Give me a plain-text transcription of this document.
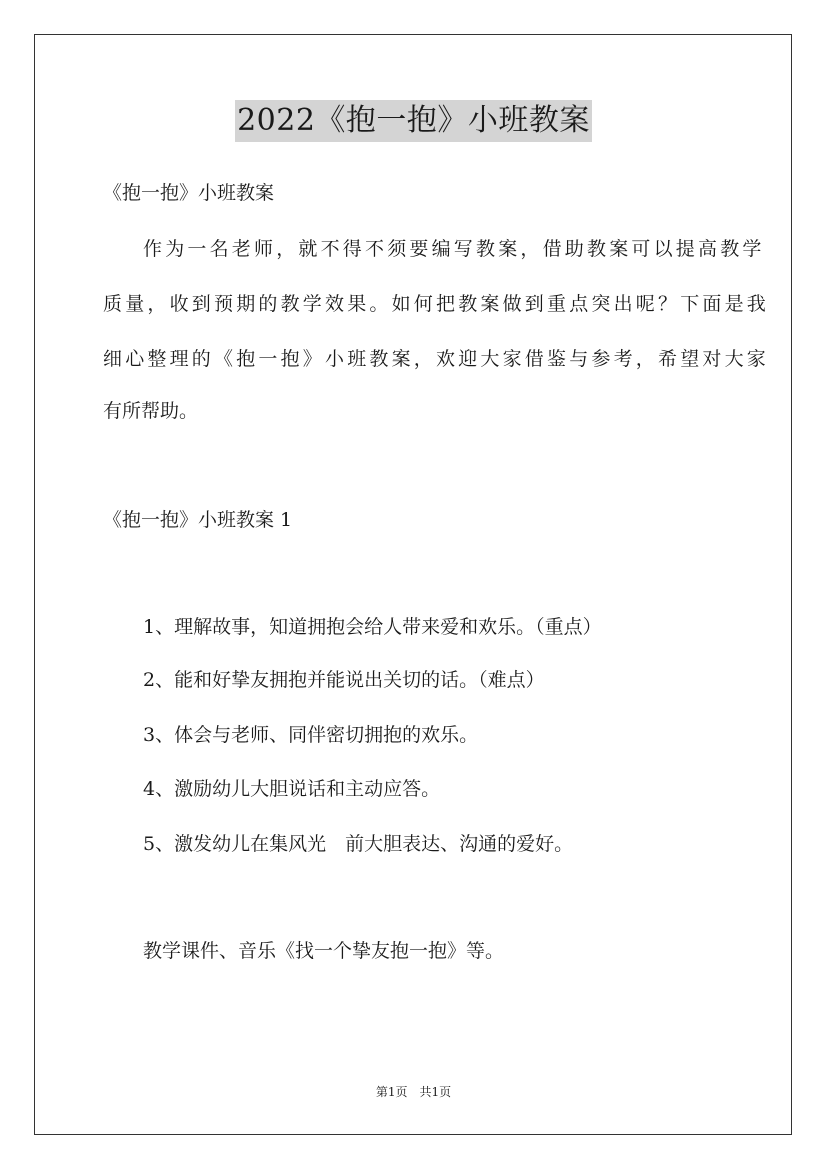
2022《抱一抱》小班教案
《抱一抱》小班教案
作为一名老师，就不得不须要编写教案，借助教案可以提高教学
质量，收到预期的教学效果。如何把教案做到重点突出呢？下面是我
细心整理的《抱一抱》小班教案，欢迎大家借鉴与参考，希望对大家
有所帮助。
《抱一抱》小班教案 1
1、理解故事，知道拥抱会给人带来爱和欢乐。（重点）
2、能和好挚友拥抱并能说出关切的话。（难点）
3、体会与老师、同伴密切拥抱的欢乐。
4、激励幼儿大胆说话和主动应答。
5、激发幼儿在集风光　前大胆表达、沟通的爱好。
教学课件、音乐《找一个挚友抱一抱》等。
第1页　共1页
